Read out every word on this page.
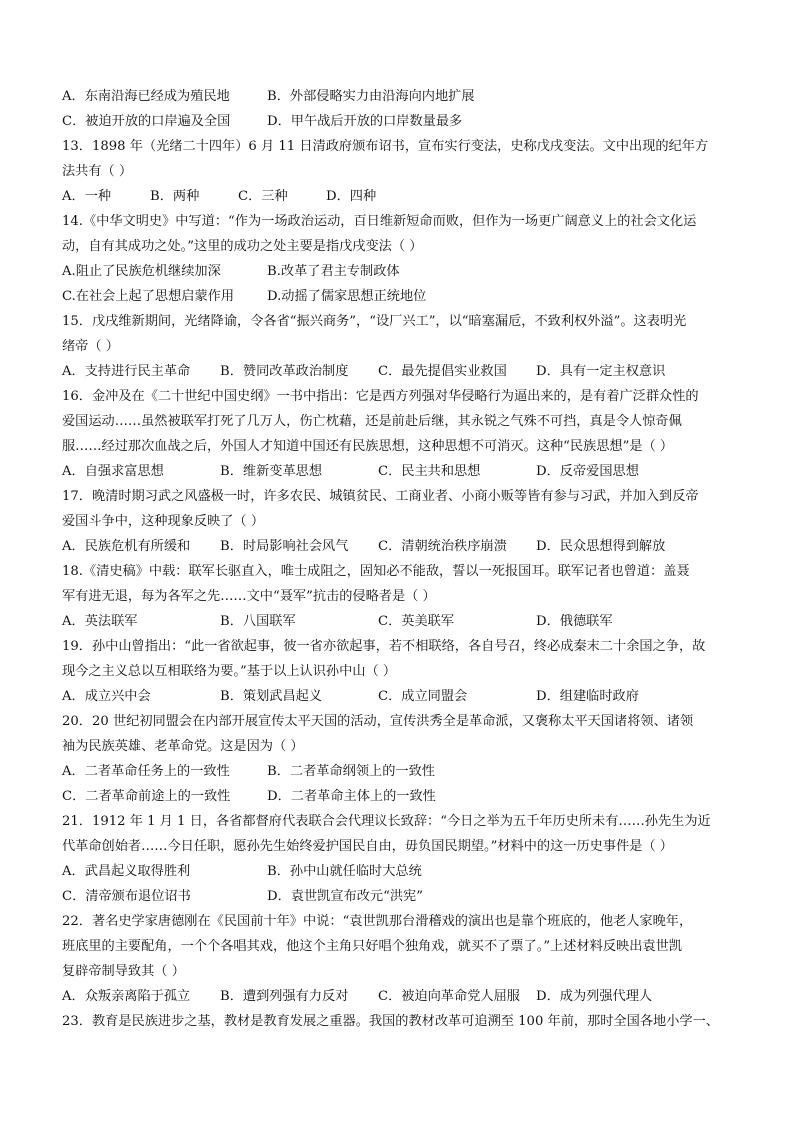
A．东南沿海已经成为殖民地	B．外部侵略实力由沿海向内地扩展
C．被迫开放的口岸遍及全国	D．甲午战后开放的口岸数量最多
13．1898 年（光绪二十四年）6 月 11 日清政府颁布诏书，宣布实行变法，史称戊戌变法。文中出现的纪年方
法共有（ ）
A．一种	B．两种	C．三种	D．四种
14.《中华文明史》中写道：“作为一场政治运动，百日维新短命而败，但作为一场更广阔意义上的社会文化运
动，自有其成功之处。”这里的成功之处主要是指戊戌变法（ ）
A.阻止了民族危机继续加深	B.改革了君主专制政体
C.在社会上起了思想启蒙作用	D.动摇了儒家思想正统地位
15．戊戌维新期间，光绪降谕，令各省“振兴商务”，“设厂兴工”，以“暗塞漏卮，不致利权外溢”。这表明光
绪帝（ ）
A．支持进行民主革命	B．赞同改革政治制度	C．最先提倡实业救国	D．具有一定主权意识
16．金冲及在《二十世纪中国史纲》一书中指出：它是西方列强对华侵略行为逼出来的，是有着广泛群众性的
爱国运动……虽然被联军打死了几万人，伤亡枕藉，还是前赴后继，其永锐之气殊不可挡，真是令人惊奇佩
服……经过那次血战之后，外国人才知道中国还有民族思想，这种思想不可消灭。这种“民族思想”是（ ）
A．自强求富思想	B．维新变革思想	C．民主共和思想	D．反帝爱国思想
17．晚清时期习武之风盛极一时，许多农民、城镇贫民、工商业者、小商小贩等皆有参与习武，并加入到反帝
爱国斗争中，这种现象反映了（ ）
A．民族危机有所缓和	B．时局影响社会风气	C．清朝统治秩序崩溃	D．民众思想得到解放
18.《清史稿》中载：联军长驱直入，唯士成阻之，固知必不能敌，誓以一死报国耳。联军记者也曾道：盖聂
军有进无退，每为各军之先……文中“聂军”抗击的侵略者是（ ）
A．英法联军	B．八国联军	C．英美联军	D．俄德联军
19．孙中山曾指出：“此一省欲起事，彼一省亦欲起事，若不相联络，各自号召，终必成秦末二十余国之争，故
现今之主义总以互相联络为要。”基于以上认识孙中山（ ）
A．成立兴中会	B．策划武昌起义	C．成立同盟会	D．组建临时政府
20．20 世纪初同盟会在内部开展宣传太平天国的活动，宣传洪秀全是革命派，又褒称太平天国诸将领、诸领
袖为民族英雄、老革命党。这是因为（ ）
A．二者革命任务上的一致性	B．二者革命纲领上的一致性
C．二者革命前途上的一致性	D．二者革命主体上的一致性
21．1912 年 1 月 1 日，各省都督府代表联合会代理议长致辞：“今日之举为五千年历史所未有……孙先生为近
代革命创始者……今日任职，愿孙先生始终爱护国民自由，毋负国民期望。”材料中的这一历史事件是（ ）
A．武昌起义取得胜利	B．孙中山就任临时大总统
C．清帝颁布退位诏书	D．袁世凯宣布改元“洪宪”
22．著名史学家唐德刚在《民国前十年》中说：“袁世凯那台滑稽戏的演出也是靠个班底的，他老人家晚年，
班底里的主要配角，一个个各唱其戏，他这个主角只好唱个独角戏，就买不了票了。”上述材料反映出袁世凯
复辟帝制导致其（ ）
A．众叛亲离陷于孤立	B．遭到列强有力反对	C．被迫向革命党人屈服	D．成为列强代理人
23．教育是民族进步之基，教材是教育发展之重器。我国的教材改革可追溯至 100 年前，那时全国各地小学一、
